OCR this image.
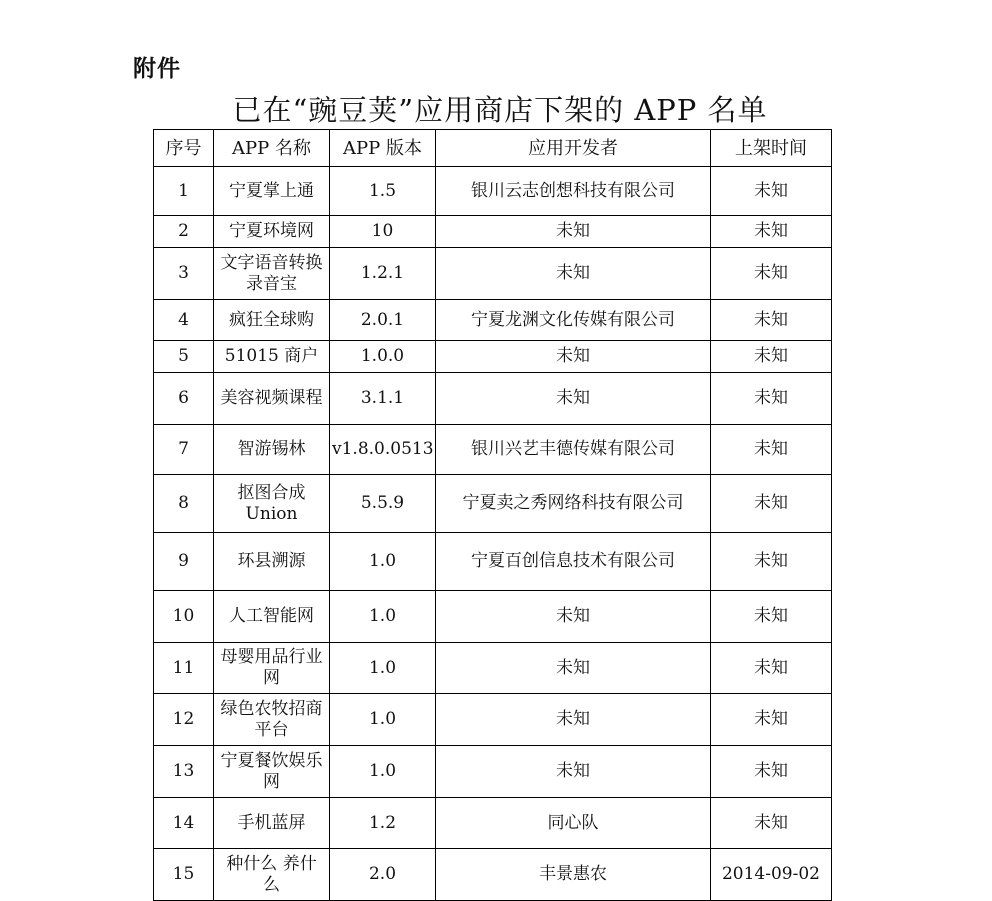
附件
已在“豌豆荚”应用商店下架的 APP 名单
序号	APP 名称	APP 版本	应用开发者	上架时间
1	宁夏掌上通	1.5	银川云志创想科技有限公司	未知
2	宁夏环境网	10	未知	未知
3	文字语音转换录音宝	1.2.1	未知	未知
4	疯狂全球购	2.0.1	宁夏龙渊文化传媒有限公司	未知
5	51015 商户	1.0.0	未知	未知
6	美容视频课程	3.1.1	未知	未知
7	智游锡林	v1.8.0.0513	银川兴艺丰德传媒有限公司	未知
8	抠图合成 Union	5.5.9	宁夏卖之秀网络科技有限公司	未知
9	环县溯源	1.0	宁夏百创信息技术有限公司	未知
10	人工智能网	1.0	未知	未知
11	母婴用品行业网	1.0	未知	未知
12	绿色农牧招商平台	1.0	未知	未知
13	宁夏餐饮娱乐网	1.0	未知	未知
14	手机蓝屏	1.2	同心队	未知
15	种什么 养什么	2.0	丰景惠农	2014-09-02
